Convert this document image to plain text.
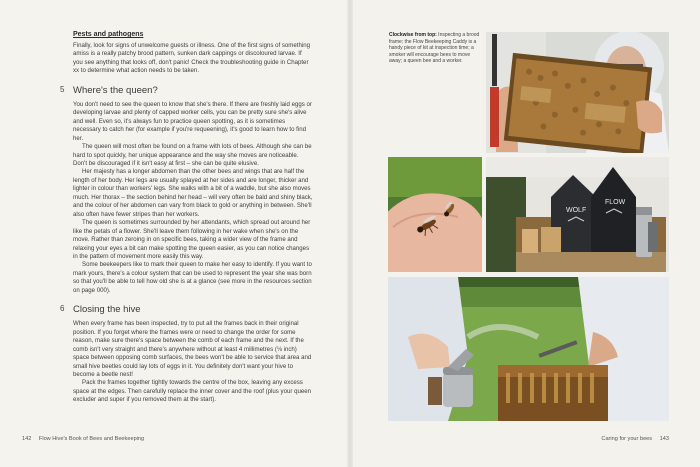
Pests and pathogens

Finally, look for signs of unwelcome guests or illness. One of the first signs of something amiss is a really patchy brood pattern, sunken dark cappings or discoloured larvae. If you see anything that looks off, don't panic! Check the troubleshooting guide in Chapter xx to determine what action needs to be taken.

5 Where's the queen?

You don't need to see the queen to know that she's there. If there are freshly laid eggs or developing larvae and plenty of capped worker cells, you can be pretty sure she's alive and well. Even so, it's always fun to practice queen spotting, as it is sometimes necessary to catch her (for example if you're requeening), it's good to learn how to find her.

The queen will most often be found on a frame with lots of bees. Although she can be hard to spot quickly, her unique appearance and the way she moves are noticeable. Don't be discouraged if it isn't easy at first – she can be quite elusive.

Her majesty has a longer abdomen than the other bees and wings that are half the length of her body. Her legs are usually splayed at her sides and are longer, thicker and lighter in colour than workers' legs. She walks with a bit of a waddle, but she also moves much. Her thorax – the section behind her head – will very often be bald and shiny black, and the colour of her abdomen can vary from black to gold or anything in between. She'll also often have fewer stripes than her workers.

The queen is sometimes surrounded by her attendants, which spread out around her like the petals of a flower. She'll leave them following in her wake when she's on the move. Rather than zeroing in on specific bees, taking a wider view of the frame and relaxing your eyes a bit can make spotting the queen easier, as you can notice changes in the pattern of movement more easily this way.

Some beekeepers like to mark their queen to make her easy to identify. If you want to mark yours, there's a colour system that can be used to represent the year she was born so that you'll be able to tell how old she is at a glance (see more in the resources section on page 000).

6 Closing the hive

When every frame has been inspected, try to put all the frames back in their original position. If you forget where the frames were or need to change the order for some reason, make sure there's space between the comb of each frame and the next. If the comb isn't very straight and there's anywhere without at least 4 millimetres (⅛ inch) space between opposing comb surfaces, the bees won't be able to service that area and small hive beetles could lay lots of eggs in it. You definitely don't want your hive to become a beetle nest!

Pack the frames together tightly towards the centre of the box, leaving any excess space at the edges. Then carefully replace the inner cover and the roof (plus your queen excluder and super if you removed them at the start).

142 Flow Hive's Book of Bees and Beekeeping	Caring for your bees 143
Clockwise from top: Inspecting a brood frame; the Flow Beekeeping Caddy is a handy piece of kit at inspection time; a smoker will encourage bees to move away; a queen bee and a worker.
WOLF
FLOW
